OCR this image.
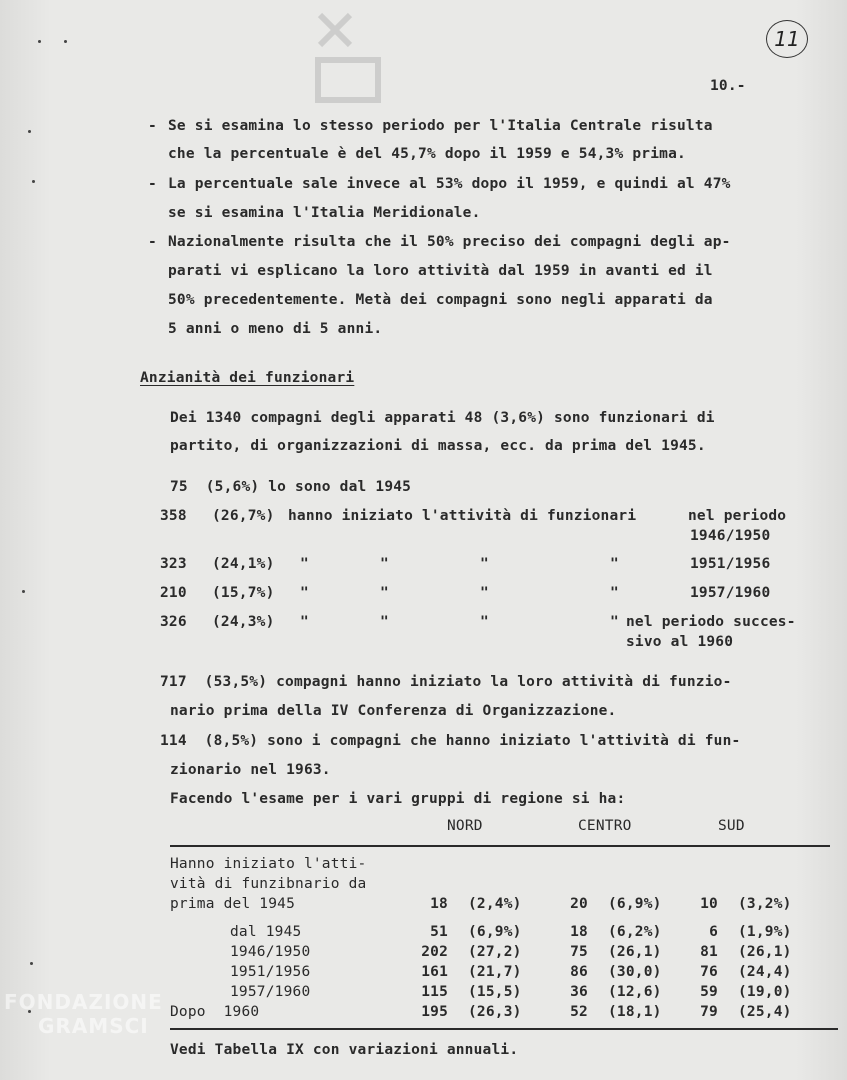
11
10.-
- Se si esamina lo stesso periodo per l'Italia Centrale risulta
che la percentuale è del 45,7% dopo il 1959 e 54,3% prima.
- La percentuale sale invece al 53% dopo il 1959, e quindi al 47%
se si esamina l'Italia Meridionale.
- Nazionalmente risulta che il 50% preciso dei compagni degli ap-
parati vi esplicano la loro attività dal 1959 in avanti ed il
50% precedentemente. Metà dei compagni sono negli apparati da
5 anni o meno di 5 anni.
Anzianità dei funzionari
Dei 1340 compagni degli apparati 48 (3,6%) sono funzionari di
partito, di organizzazioni di massa, ecc. da prima del 1945.
75  (5,6%) lo sono dal 1945
358 (26,7%) hanno iniziato l'attività di funzionari	nel periodo
1946/1950
323 (24,1%) "	"	"	"	1951/1956
210 (15,7%) "	"	"	"	1957/1960
326 (24,3%) "	"	"	" nel periodo succes-
sivo al 1960
717  (53,5%) compagni hanno iniziato la loro attività di funzio-
nario prima della IV Conferenza di Organizzazione.
114  (8,5%) sono i compagni che hanno iniziato l'attività di fun-
zionario nel 1963.
Facendo l'esame per i vari gruppi di regione si ha:
NORD	CENTRO	SUD
Hanno iniziato l'atti-
vità di funzibnario da
prima del 1945	18 (2,4%)	20 (6,9%)	10 (3,2%)
dal 1945	51 (6,9%)	18 (6,2%)	6 (1,9%)
1946/1950	202 (27,2)	75 (26,1)	81 (26,1)
1951/1956	161 (21,7)	86 (30,0)	76 (24,4)
1957/1960	115 (15,5)	36 (12,6)	59 (19,0)
Dopo  1960	195 (26,3)	52 (18,1)	79 (25,4)
Vedi Tabella IX con variazioni annuali.
FONDAZIONE
GRAMSCI
